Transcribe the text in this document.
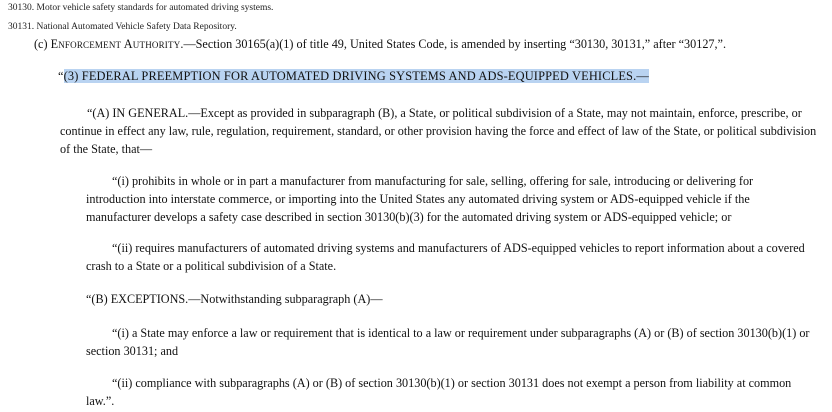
30130. Motor vehicle safety standards for automated driving systems.
30131. National Automated Vehicle Safety Data Repository.
(c) Enforcement Authority.—Section 30165(a)(1) of title 49, United States Code, is amended by inserting “30130, 30131,” after “30127,”.
“(3) FEDERAL PREEMPTION FOR AUTOMATED DRIVING SYSTEMS AND ADS-EQUIPPED VEHICLES.—
“(A) IN GENERAL.—Except as provided in subparagraph (B), a State, or political subdivision of a State, may not maintain, enforce, prescribe, or continue in effect any law, rule, regulation, requirement, standard, or other provision having the force and effect of law of the State, or political subdivision of the State, that—
“(i) prohibits in whole or in part a manufacturer from manufacturing for sale, selling, offering for sale, introducing or delivering for introduction into interstate commerce, or importing into the United States any automated driving system or ADS-equipped vehicle if the manufacturer develops a safety case described in section 30130(b)(3) for the automated driving system or ADS-equipped vehicle; or
“(ii) requires manufacturers of automated driving systems and manufacturers of ADS-equipped vehicles to report information about a covered crash to a State or a political subdivision of a State.
“(B) EXCEPTIONS.—Notwithstanding subparagraph (A)—
“(i) a State may enforce a law or requirement that is identical to a law or requirement under subparagraphs (A) or (B) of section 30130(b)(1) or section 30131; and
“(ii) compliance with subparagraphs (A) or (B) of section 30130(b)(1) or section 30131 does not exempt a person from liability at common law.”.
